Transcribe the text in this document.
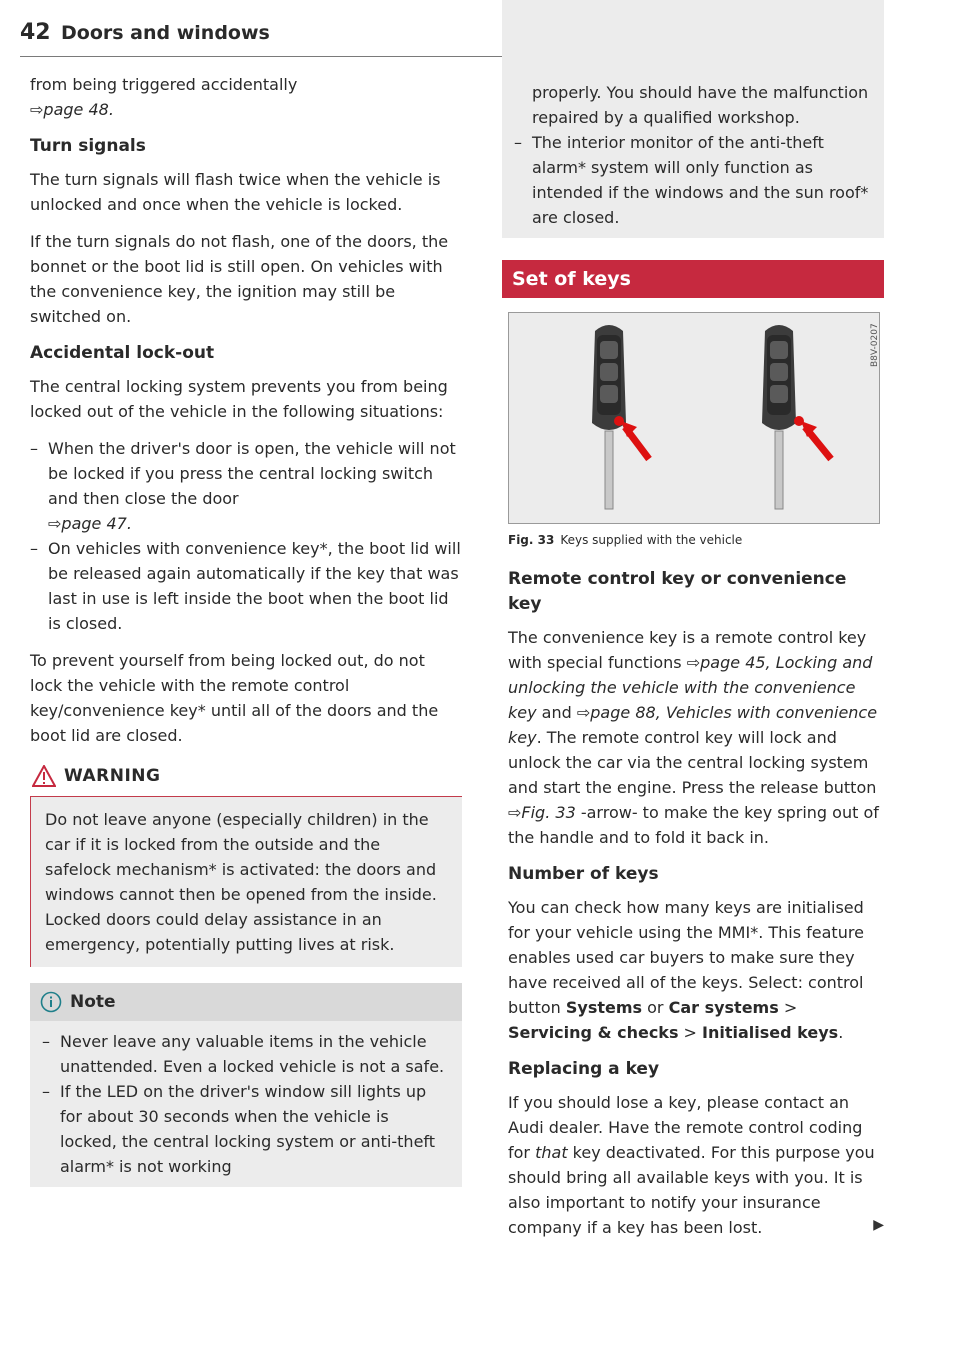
42 Doors and windows

from being triggered accidentally
⇨page 48.

Turn signals

The turn signals will flash twice when the vehicle is unlocked and once when the vehicle is locked.

If the turn signals do not flash, one of the doors, the bonnet or the boot lid is still open. On vehicles with the convenience key, the ignition may still be switched on.

Accidental lock-out

The central locking system prevents you from being locked out of the vehicle in the following situations:

– When the driver's door is open, the vehicle will not be locked if you press the central locking switch and then close the door
⇨page 47.
– On vehicles with convenience key*, the boot lid will be released again automatically if the key that was last in use is left inside the boot when the boot lid is closed.

To prevent yourself from being locked out, do not lock the vehicle with the remote control key/convenience key* until all of the doors and the boot lid are closed.

WARNING
Do not leave anyone (especially children) in the car if it is locked from the outside and the safelock mechanism* is activated: the doors and windows cannot then be opened from the inside. Locked doors could delay assistance in an emergency, potentially putting lives at risk.
Note
– Never leave any valuable items in the vehicle unattended. Even a locked vehicle is not a safe.
– If the LED on the driver's window sill lights up for about 30 seconds when the vehicle is locked, the central locking system or anti-theft alarm* is not working

properly. You should have the malfunction repaired by a qualified workshop.

– The interior monitor of the anti-theft alarm* system will only function as intended if the windows and the sun roof* are closed.
Set of keys
B8V-0207
Fig. 33 Keys supplied with the vehicle
Remote control key or convenience key

The convenience key is a remote control key with special functions ⇨page 45, Locking and unlocking the vehicle with the convenience key and ⇨page 88, Vehicles with convenience key. The remote control key will lock and unlock the car via the central locking system and start the engine. Press the release button ⇨Fig. 33 -arrow- to make the key spring out of the handle and to fold it back in.

Number of keys

You can check how many keys are initialised for your vehicle using the MMI*. This feature enables used car buyers to make sure they have received all of the keys. Select: control button Systems or Car systems > Servicing & checks > Initialised keys.

Replacing a key

If you should lose a key, please contact an Audi dealer. Have the remote control coding for that key deactivated. For this purpose you should bring all available keys with you. It is also important to notify your insurance company if a key has been lost.	▶
